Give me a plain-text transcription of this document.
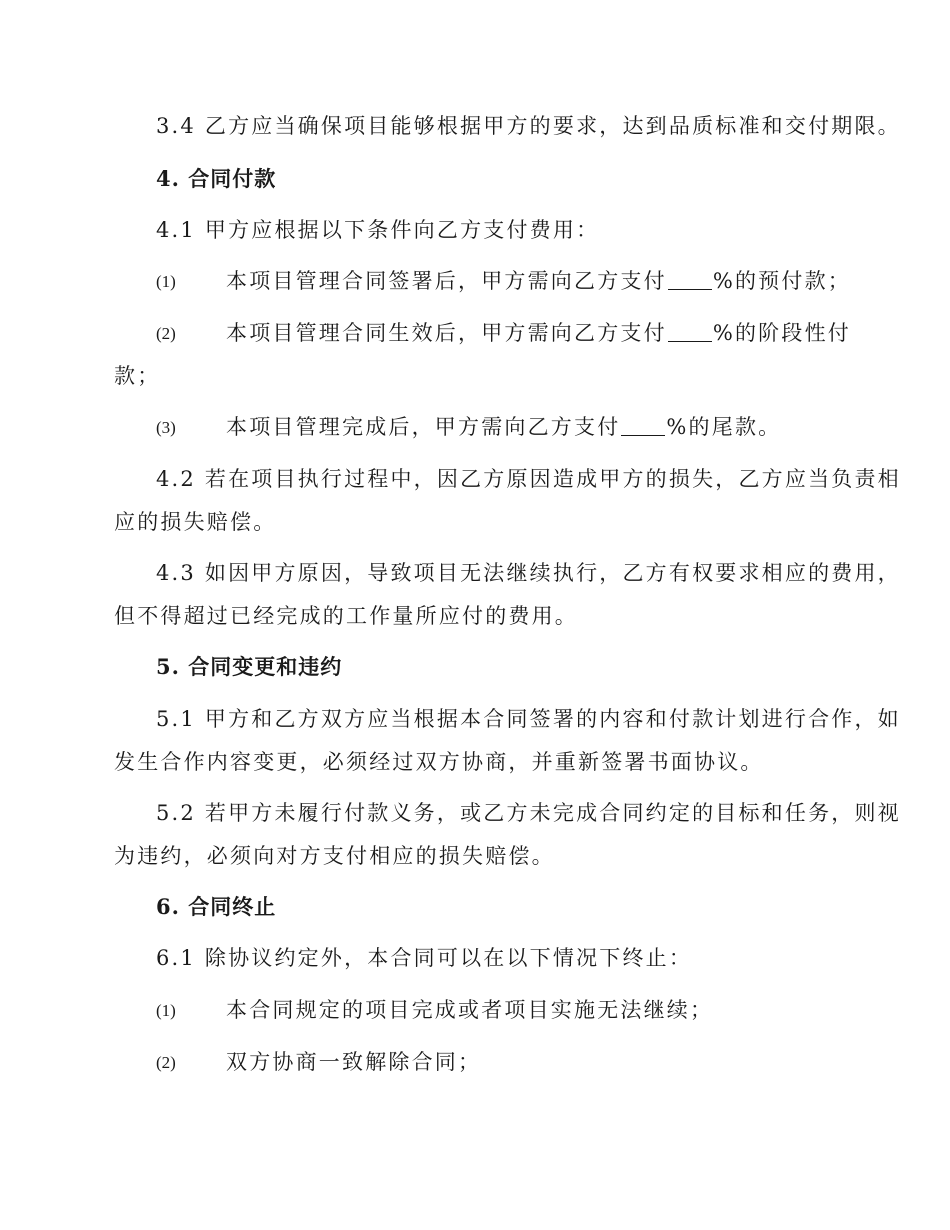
3.4 乙方应当确保项目能够根据甲方的要求，达到品质标准和交付期限。
4. 合同付款
4.1 甲方应根据以下条件向乙方支付费用：
(1) 本项目管理合同签署后，甲方需向乙方支付 %的预付款；
(2) 本项目管理合同生效后，甲方需向乙方支付 %的阶段性付
款；
(3) 本项目管理完成后，甲方需向乙方支付 %的尾款。
4.2 若在项目执行过程中，因乙方原因造成甲方的损失，乙方应当负责相
应的损失赔偿。
4.3 如因甲方原因，导致项目无法继续执行，乙方有权要求相应的费用，
但不得超过已经完成的工作量所应付的费用。
5. 合同变更和违约
5.1 甲方和乙方双方应当根据本合同签署的内容和付款计划进行合作，如
发生合作内容变更，必须经过双方协商，并重新签署书面协议。
5.2 若甲方未履行付款义务，或乙方未完成合同约定的目标和任务，则视
为违约，必须向对方支付相应的损失赔偿。
6. 合同终止
6.1 除协议约定外，本合同可以在以下情况下终止：
(1) 本合同规定的项目完成或者项目实施无法继续；
(2) 双方协商一致解除合同；
